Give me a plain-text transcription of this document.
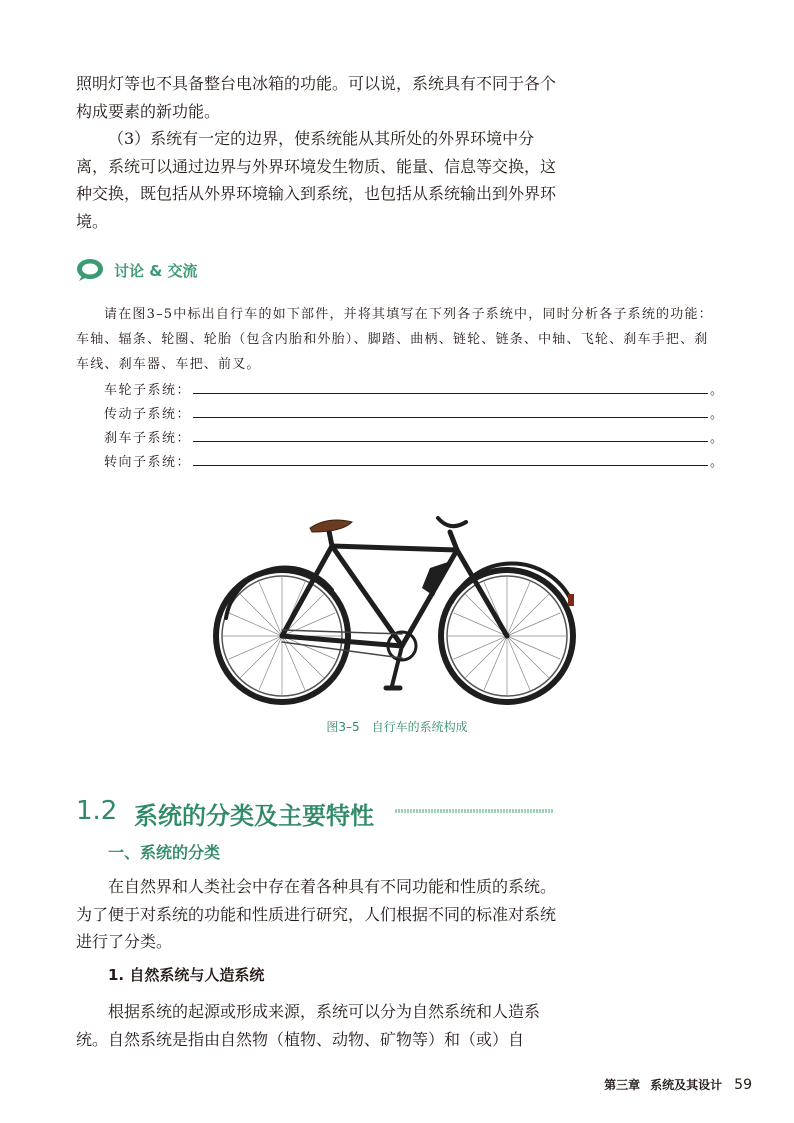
照明灯等也不具备整台电冰箱的功能。可以说，系统具有不同于各个构成要素的新功能。

（3）系统有一定的边界，使系统能从其所处的外界环境中分离，系统可以通过边界与外界环境发生物质、能量、信息等交换，这种交换，既包括从外界环境输入到系统，也包括从系统输出到外界环境。

讨论 & 交流

请在图3–5中标出自行车的如下部件，并将其填写在下列各子系统中，同时分析各子系统的功能：车轴、辐条、轮圈、轮胎（包含内胎和外胎）、脚踏、曲柄、链轮、链条、中轴、飞轮、刹车手把、刹车线、刹车器、车把、前叉。

车轮子系统：	。
传动子系统：	。
刹车子系统：	。
转向子系统：	。
图3–5　自行车的系统构成
1.2 系统的分类及主要特性
一、系统的分类

在自然界和人类社会中存在着各种具有不同功能和性质的系统。为了便于对系统的功能和性质进行研究，人们根据不同的标准对系统进行了分类。

1. 自然系统与人造系统

根据系统的起源或形成来源，系统可以分为自然系统和人造系统。自然系统是指由自然物（植物、动物、矿物等）和（或）自

第三章 系统及其设计 59
